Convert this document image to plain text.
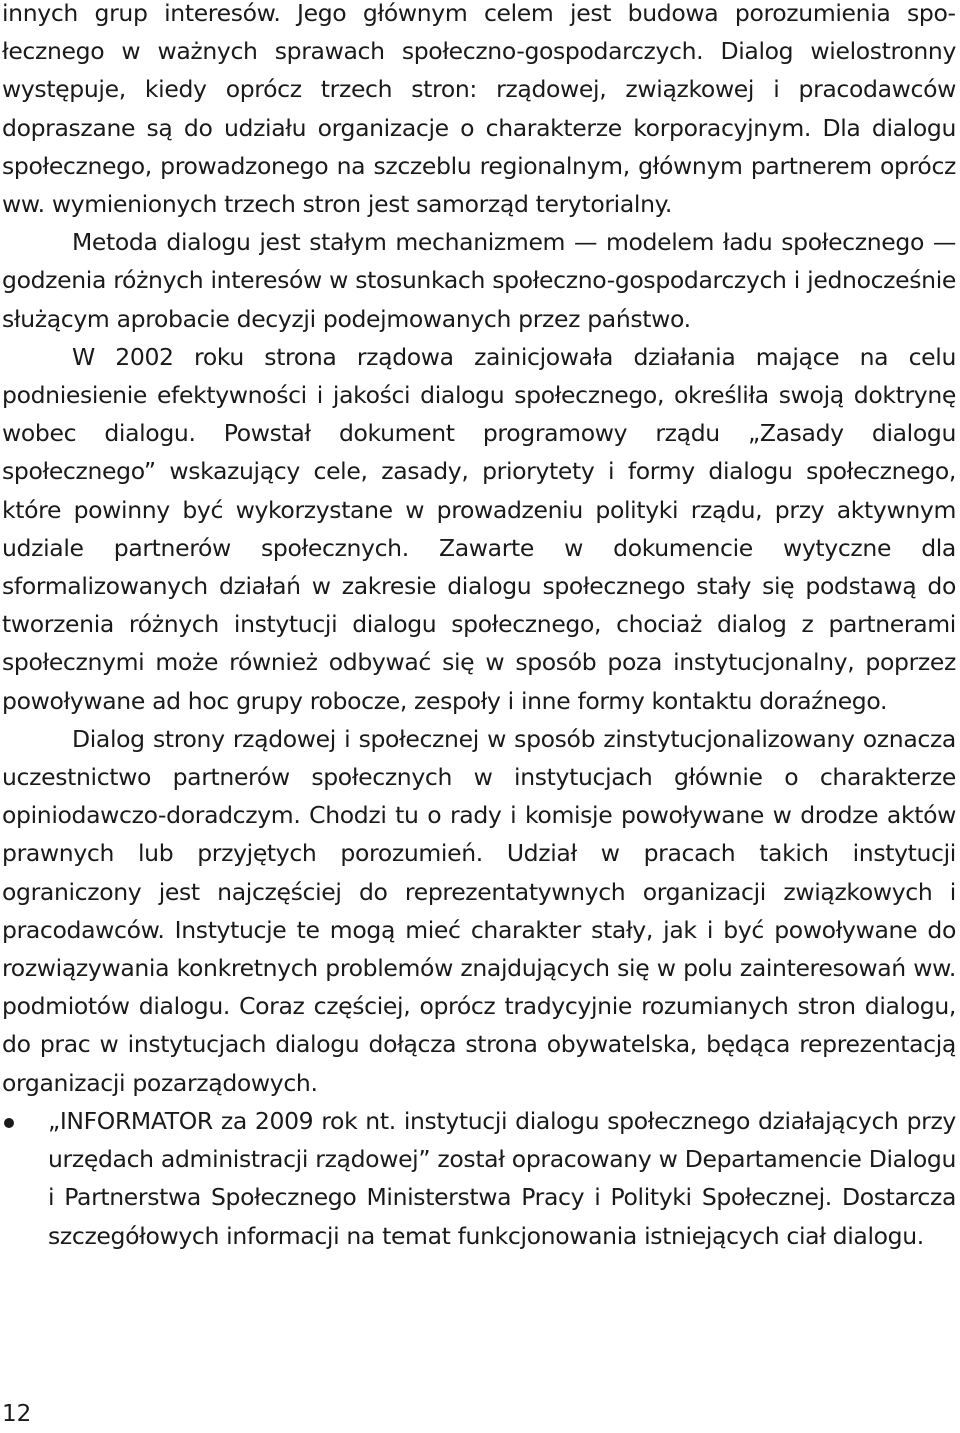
innych grup interesów. Jego głównym celem jest budowa porozumienia społecznego w ważnych sprawach społeczno-gospodarczych. Dialog wielostronny występuje, kiedy oprócz trzech stron: rządowej, związkowej i pracodawców dopraszane są do udziału organizacje o charakterze korporacyjnym. Dla dialogu społecznego, prowadzonego na szczeblu regionalnym, głównym partnerem oprócz ww. wymienionych trzech stron jest samorząd terytorialny.

Metoda dialogu jest stałym mechanizmem — modelem ładu społecznego — godzenia różnych interesów w stosunkach społeczno-gospodarczych i jednocześnie służącym aprobacie decyzji podejmowanych przez państwo.

W 2002 roku strona rządowa zainicjowała działania mające na celu podniesienie efektywności i jakości dialogu społecznego, określiła swoją doktrynę wobec dialogu. Powstał dokument programowy rządu „Zasady dialogu społecznego” wskazujący cele, zasady, priorytety i formy dialogu społecznego, które powinny być wykorzystane w prowadzeniu polityki rządu, przy aktywnym udziale partnerów społecznych. Zawarte w dokumencie wytyczne dla sformalizowanych działań w zakresie dialogu społecznego stały się podstawą do tworzenia różnych instytucji dialogu społecznego, chociaż dialog z partnerami społecznymi może również odbywać się w sposób poza instytucjonalny, poprzez powoływane ad hoc grupy robocze, zespoły i inne formy kontaktu doraźnego.

Dialog strony rządowej i społecznej w sposób zinstytucjonalizowany oznacza uczestnictwo partnerów społecznych w instytucjach głównie o charakterze opiniodawczo-doradczym. Chodzi tu o rady i komisje powoływane w drodze aktów prawnych lub przyjętych porozumień. Udział w pracach takich instytucji ograniczony jest najczęściej do reprezentatywnych organizacji związkowych i pracodawców. Instytucje te mogą mieć charakter stały, jak i być powoływane do rozwiązywania konkretnych problemów znajdujących się w polu zainteresowań ww. podmiotów dialogu. Coraz częściej, oprócz tradycyjnie rozumianych stron dialogu, do prac w instytucjach dialogu dołącza strona obywatelska, będąca reprezentacją organizacji pozarządowych.

„INFORMATOR za 2009 rok nt. instytucji dialogu społecznego działających przy urzędach administracji rządowej” został opracowany w Departamencie Dialogu i Partnerstwa Społecznego Ministerstwa Pracy i Polityki Społecznej. Dostarcza szczegółowych informacji na temat funkcjonowania istniejących ciał dialogu.
12
